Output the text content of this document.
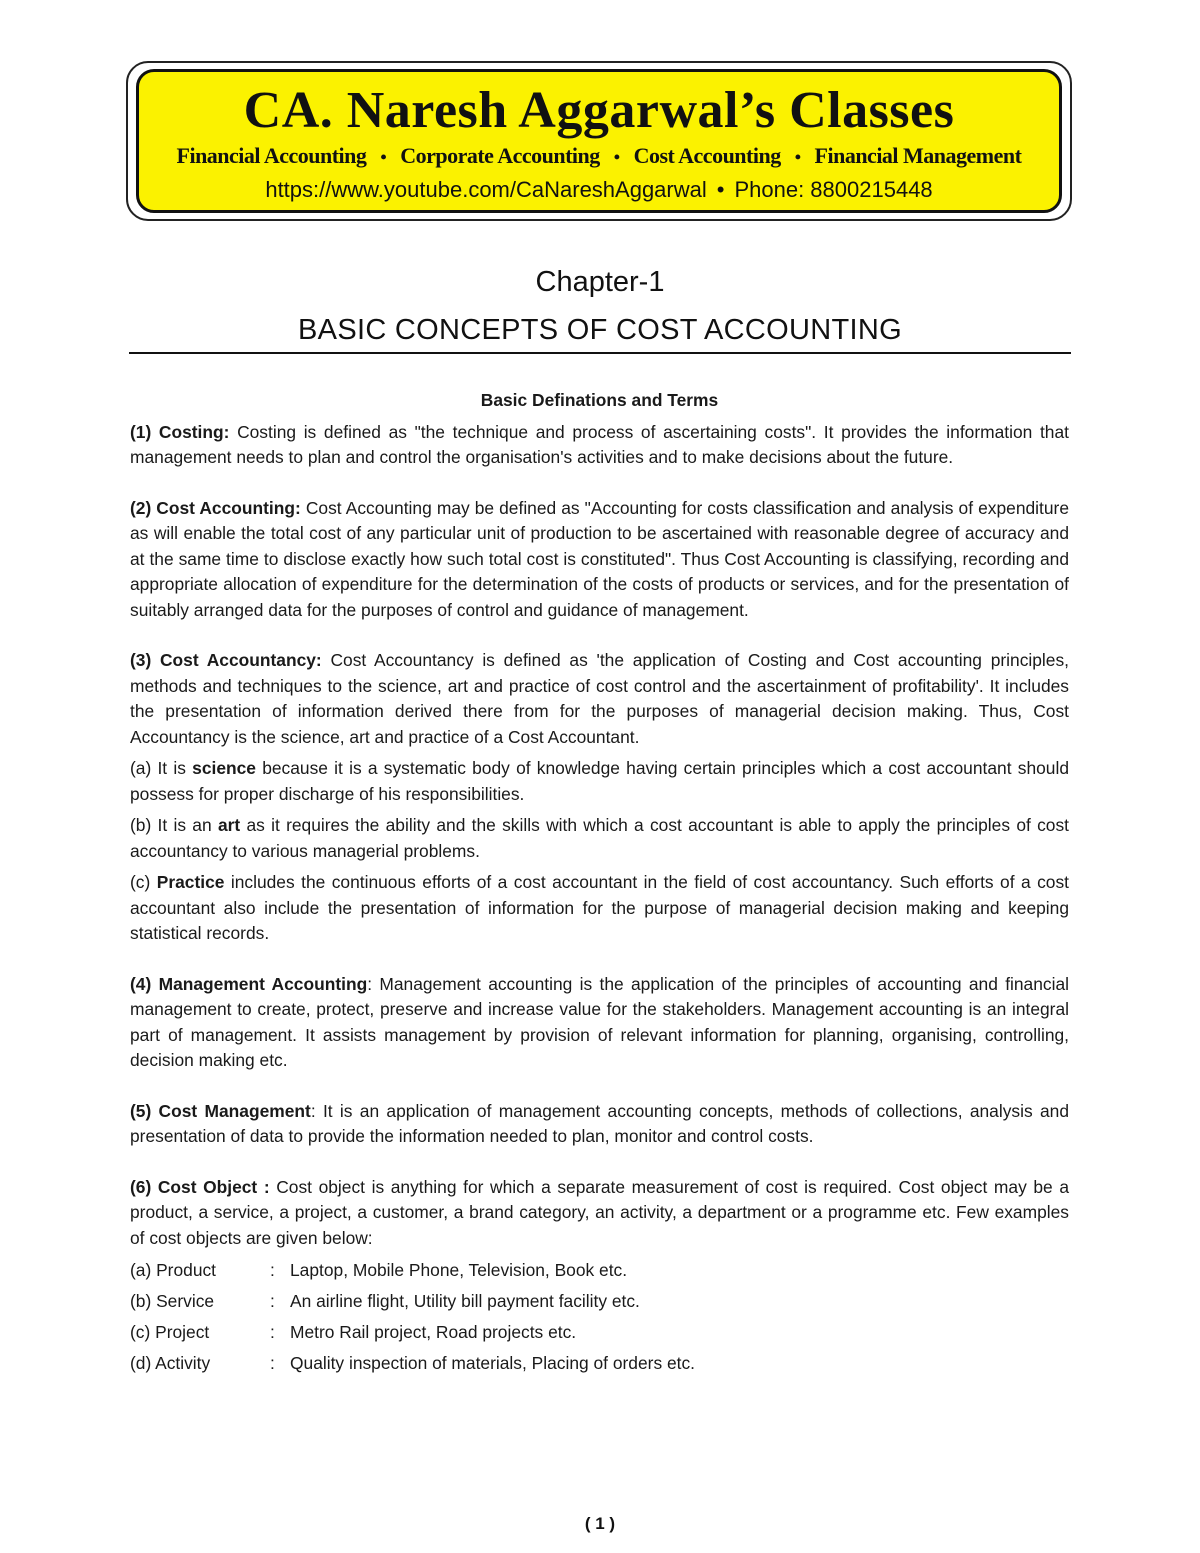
CA. Naresh Aggarwal’s Classes
Financial Accounting • Corporate Accounting • Cost Accounting • Financial Management
https://www.youtube.com/CaNareshAggarwal • Phone: 8800215448
Chapter-1
BASIC CONCEPTS OF COST ACCOUNTING

Basic Definations and Terms

(1) Costing: Costing is defined as "the technique and process of ascertaining costs". It provides the information that management needs to plan and control the organisation's activities and to make decisions about the future.

(2) Cost Accounting: Cost Accounting may be defined as "Accounting for costs classification and analysis of expenditure as will enable the total cost of any particular unit of production to be ascertained with reasonable degree of accuracy and at the same time to disclose exactly how such total cost is constituted". Thus Cost Accounting is classifying, recording and appropriate allocation of expenditure for the determination of the costs of products or services, and for the presentation of suitably arranged data for the purposes of control and guidance of management.

(3) Cost Accountancy: Cost Accountancy is defined as 'the application of Costing and Cost accounting principles, methods and techniques to the science, art and practice of cost control and the ascertainment of profitability'. It includes the presentation of information derived there from for the purposes of managerial decision making. Thus, Cost Accountancy is the science, art and practice of a Cost Accountant.

(a) It is science because it is a systematic body of knowledge having certain principles which a cost accountant should possess for proper discharge of his responsibilities.

(b) It is an art as it requires the ability and the skills with which a cost accountant is able to apply the principles of cost accountancy to various managerial problems.

(c) Practice includes the continuous efforts of a cost accountant in the field of cost accountancy. Such efforts of a cost accountant also include the presentation of information for the purpose of managerial decision making and keeping statistical records.

(4) Management Accounting: Management accounting is the application of the principles of accounting and financial management to create, protect, preserve and increase value for the stakeholders. Management accounting is an integral part of management. It assists management by provision of relevant information for planning, organising, controlling, decision making etc.

(5) Cost Management: It is an application of management accounting concepts, methods of collections, analysis and presentation of data to provide the information needed to plan, monitor and control costs.

(6) Cost Object : Cost object is anything for which a separate measurement of cost is required. Cost object may be a product, a service, a project, a customer, a brand category, an activity, a department or a programme etc. Few examples of cost objects are given below:

(a) Product	: Laptop, Mobile Phone, Television, Book etc.
(b) Service	: An airline flight, Utility bill payment facility etc.
(c) Project	: Metro Rail project, Road projects etc.
(d) Activity	: Quality inspection of materials, Placing of orders etc.
( 1 )
